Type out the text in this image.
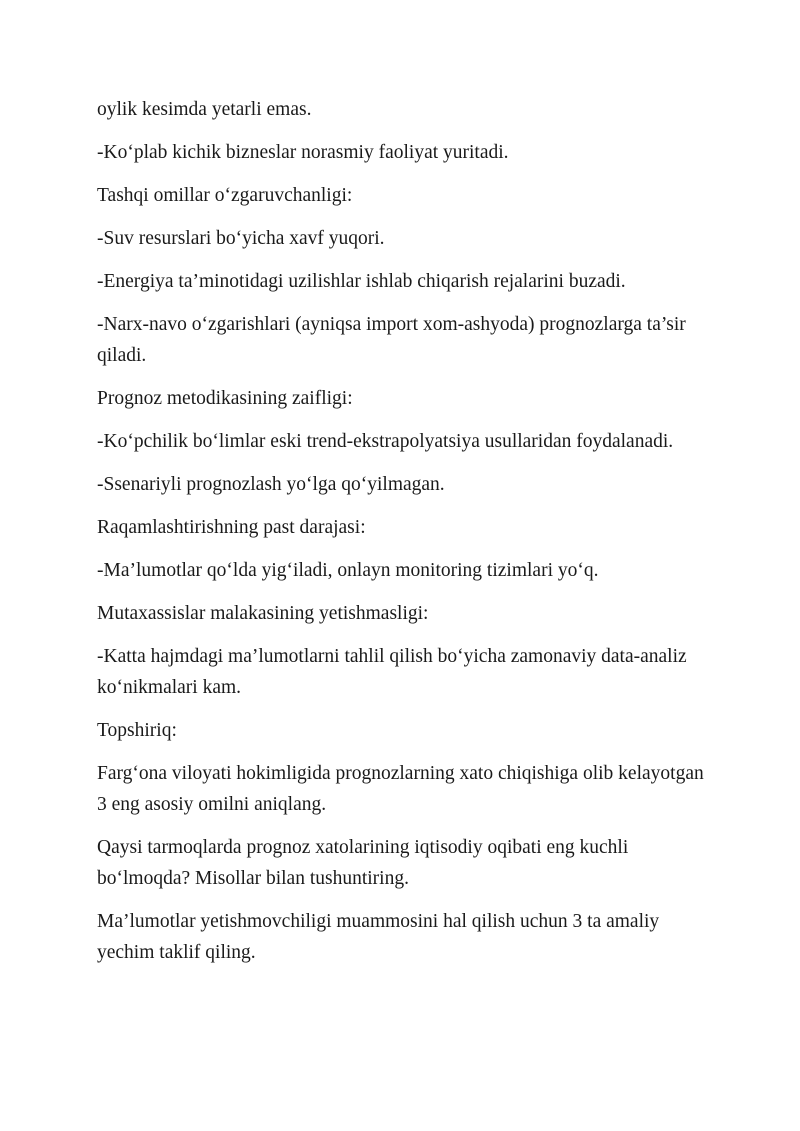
oylik kesimda yetarli emas.

-Ko‘plab kichik bizneslar norasmiy faoliyat yuritadi.

Tashqi omillar o‘zgaruvchanligi:

-Suv resurslari bo‘yicha xavf yuqori.

-Energiya ta’minotidagi uzilishlar ishlab chiqarish rejalarini buzadi.

-Narx-navo o‘zgarishlari (ayniqsa import xom-ashyoda) prognozlarga ta’sir qiladi.

Prognoz metodikasining zaifligi:

-Ko‘pchilik bo‘limlar eski trend-ekstrapolyatsiya usullaridan foydalanadi.

-Ssenariyli prognozlash yo‘lga qo‘yilmagan.

Raqamlashtirishning past darajasi:

-Ma’lumotlar qo‘lda yig‘iladi, onlayn monitoring tizimlari yo‘q.

Mutaxassislar malakasining yetishmasligi:

-Katta hajmdagi ma’lumotlarni tahlil qilish bo‘yicha zamonaviy data-analiz ko‘nikmalari kam.

Topshiriq:

Farg‘ona viloyati hokimligida prognozlarning xato chiqishiga olib kelayotgan 3 eng asosiy omilni aniqlang.

Qaysi tarmoqlarda prognoz xatolarining iqtisodiy oqibati eng kuchli bo‘lmoqda? Misollar bilan tushuntiring.

Ma’lumotlar yetishmovchiligi muammosini hal qilish uchun 3 ta amaliy yechim taklif qiling.
